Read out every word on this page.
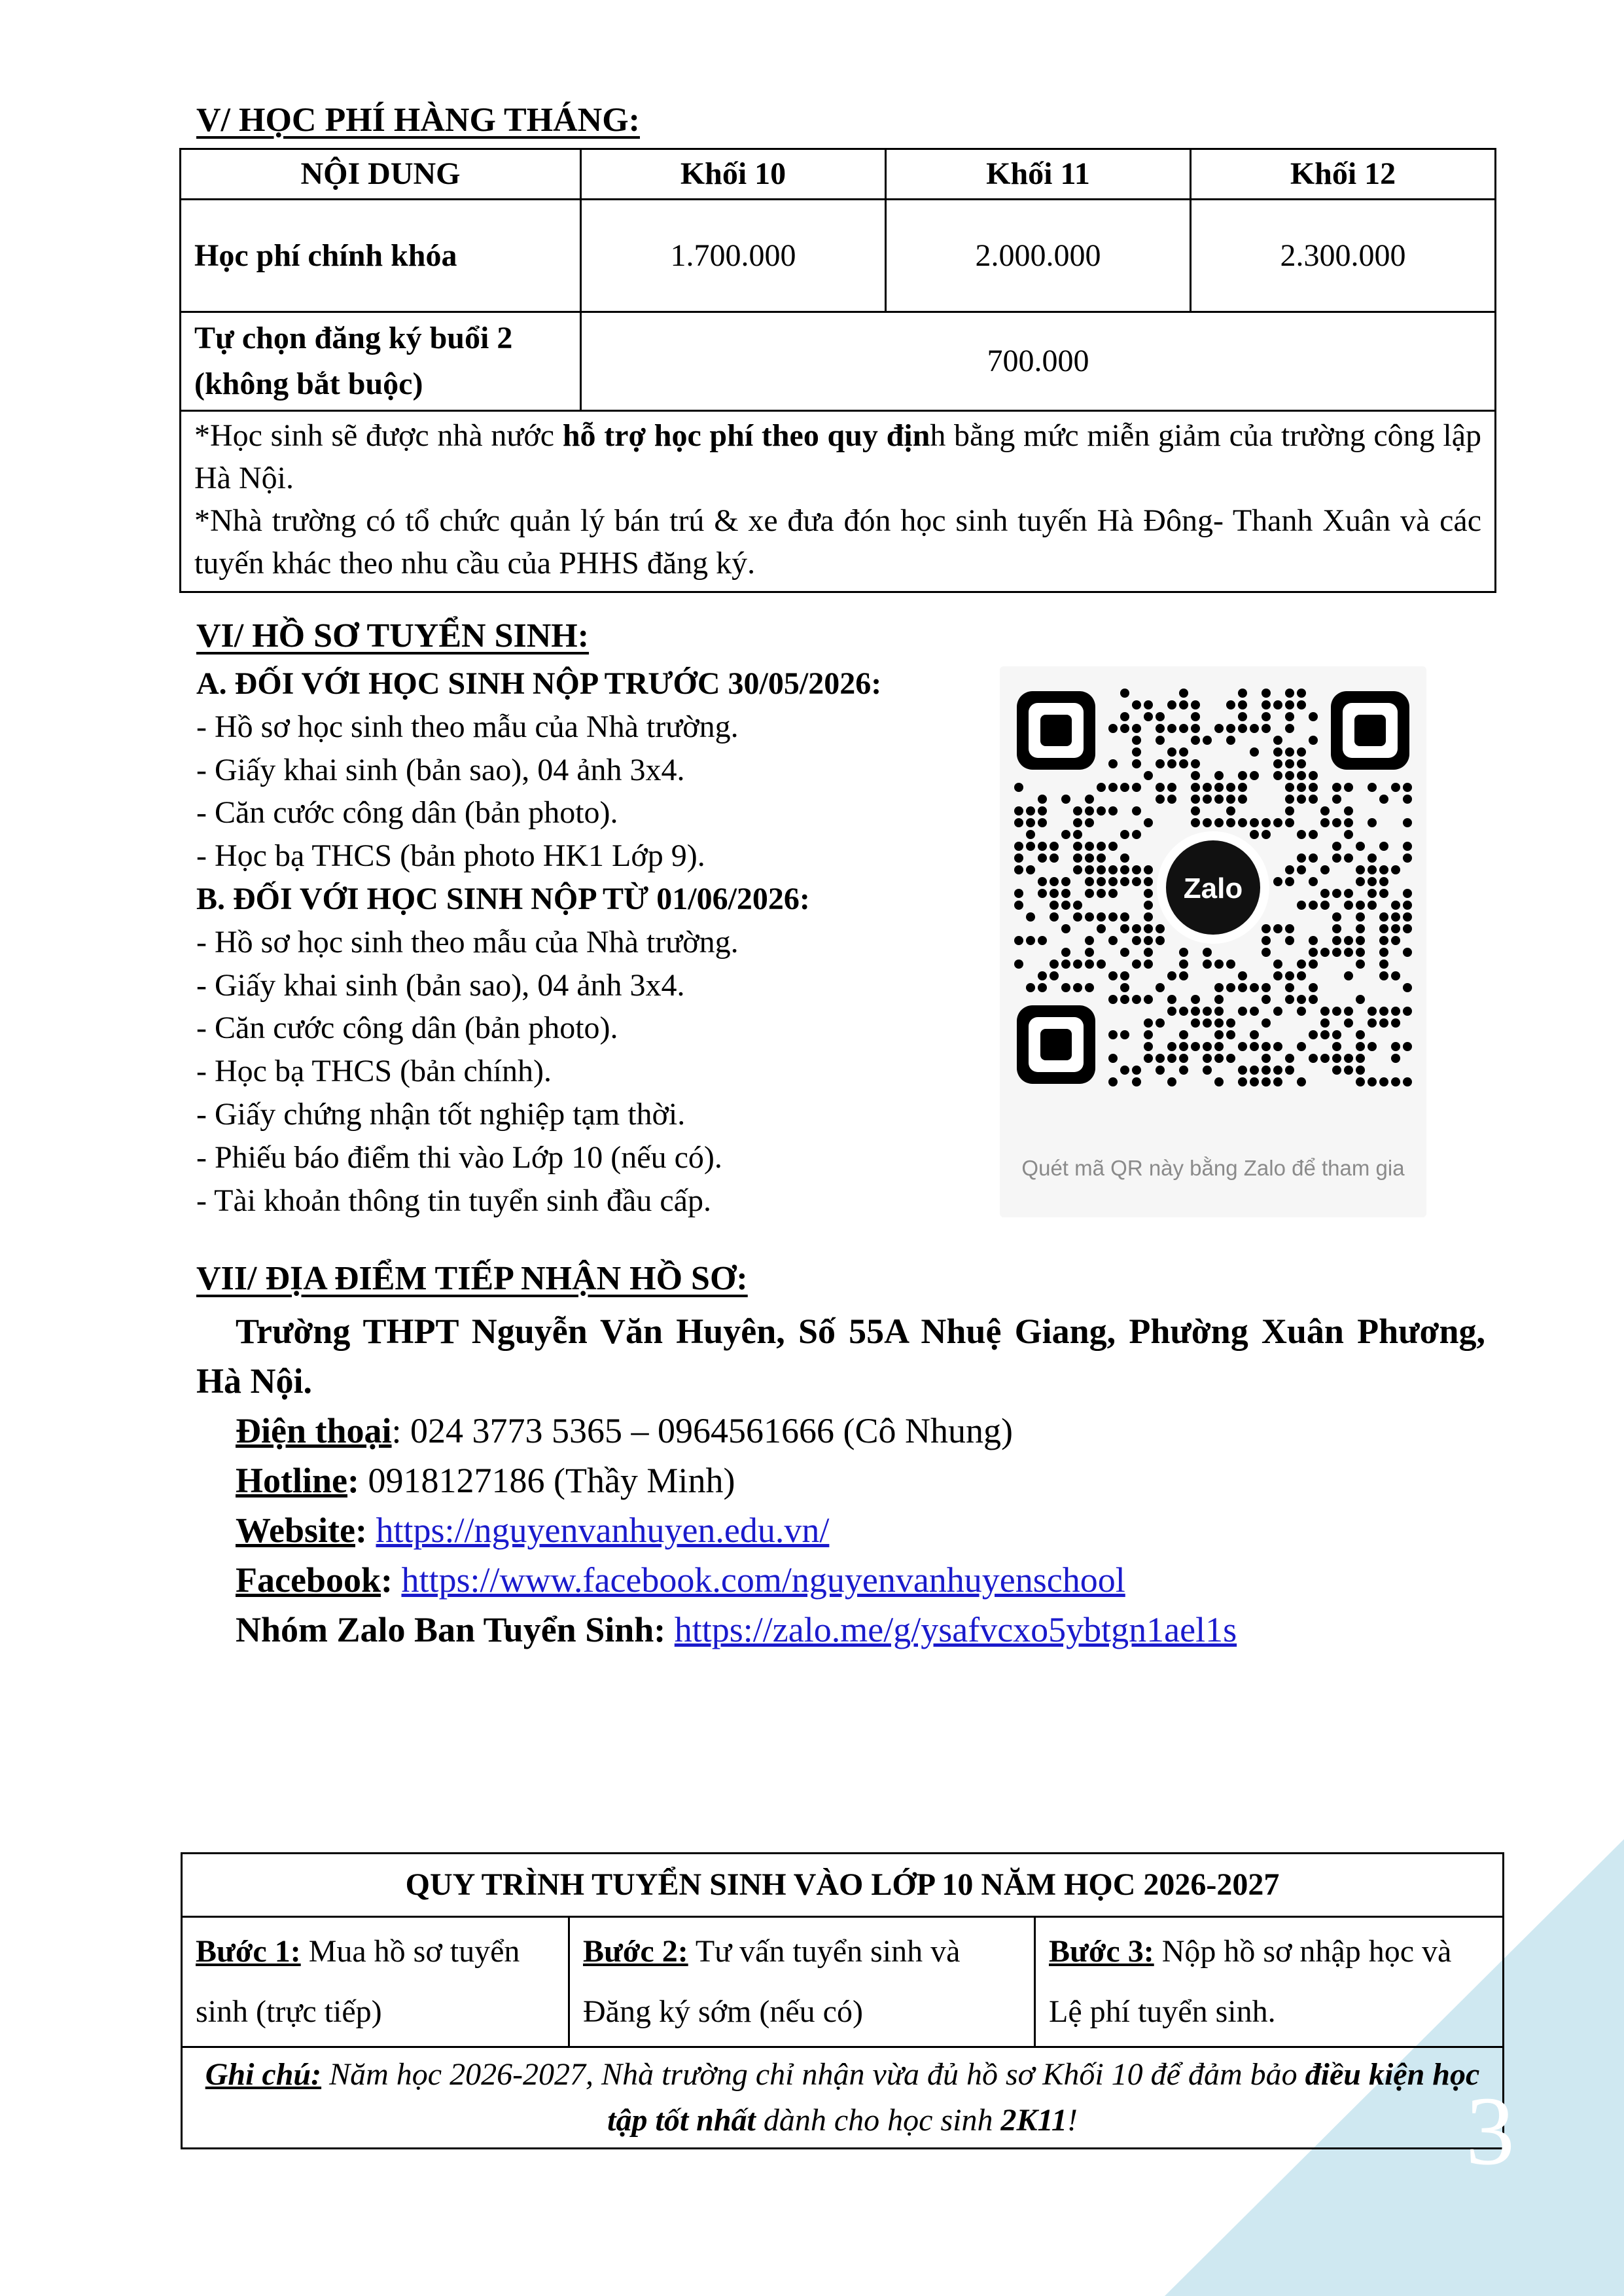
V/ HỌC PHÍ HÀNG THÁNG:
NỘI DUNG	Khối 10	Khối 11	Khối 12
Học phí chính khóa	1.700.000	2.000.000	2.300.000

Tự chọn đăng ký buổi 2
(không bắt buộc)	700.000		

*Học sinh sẽ được nhà nước hỗ trợ học phí theo quy định bằng mức miễn giảm của trường công lập Hà Nội.
*Nhà trường có tổ chức quản lý bán trú & xe đưa đón học sinh tuyến Hà Đông- Thanh Xuân và các tuyến khác theo nhu cầu của PHHS đăng ký.			
VI/ HỒ SƠ TUYỂN SINH:
A. ĐỐI VỚI HỌC SINH NỘP TRƯỚC 30/05/2026:
- Hồ sơ học sinh theo mẫu của Nhà trường.
- Giấy khai sinh (bản sao), 04 ảnh 3x4.
- Căn cước công dân (bản photo).
- Học bạ THCS (bản photo HK1 Lớp 9).
B. ĐỐI VỚI HỌC SINH NỘP TỪ 01/06/2026:
- Hồ sơ học sinh theo mẫu của Nhà trường.
- Giấy khai sinh (bản sao), 04 ảnh 3x4.
- Căn cước công dân (bản photo).
- Học bạ THCS (bản chính).
- Giấy chứng nhận tốt nghiệp tạm thời.
- Phiếu báo điểm thi vào Lớp 10 (nếu có).
- Tài khoản thông tin tuyển sinh đầu cấp.
Zalo
Quét mã QR này bằng Zalo để tham gia
VII/ ĐỊA ĐIỂM TIẾP NHẬN HỒ SƠ:
Trường THPT Nguyễn Văn Huyên, Số 55A Nhuệ Giang, Phường Xuân Phương, Hà Nội.
Điện thoại: 024 3773 5365 – 0964561666 (Cô Nhung)
Hotline: 0918127186 (Thầy Minh)
Website: https://nguyenvanhuyen.edu.vn/
Facebook: https://www.facebook.com/nguyenvanhuyenschool
Nhóm Zalo Ban Tuyển Sinh: https://zalo.me/g/ysafvcxo5ybtgn1ael1s
QUY TRÌNH TUYỂN SINH VÀO LỚP 10 NĂM HỌC 2026-2027
Bước 1: Mua hồ sơ tuyển sinh (trực tiếp)	Bước 2: Tư vấn tuyển sinh và Đăng ký sớm (nếu có)	Bước 3: Nộp hồ sơ nhập học và Lệ phí tuyển sinh.
Ghi chú: Năm học 2026-2027, Nhà trường chỉ nhận vừa đủ hồ sơ Khối 10 để đảm bảo điều kiện học tập tốt nhất dành cho học sinh 2K11!	3
